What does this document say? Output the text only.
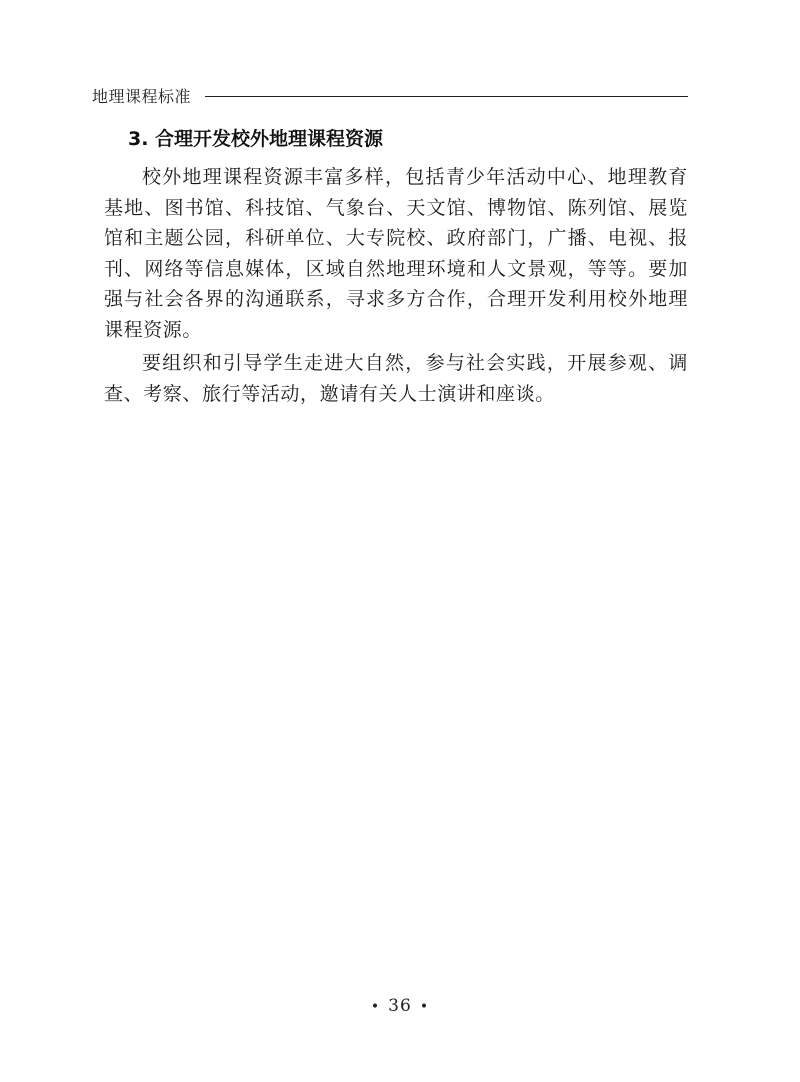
地理课程标准
3. 合理开发校外地理课程资源

校外地理课程资源丰富多样，包括青少年活动中心、地理教育基地、图书馆、科技馆、气象台、天文馆、博物馆、陈列馆、展览馆和主题公园，科研单位、大专院校、政府部门，广播、电视、报刊、网络等信息媒体，区域自然地理环境和人文景观，等等。要加强与社会各界的沟通联系，寻求多方合作，合理开发利用校外地理课程资源。

要组织和引导学生走进大自然，参与社会实践，开展参观、调查、考察、旅行等活动，邀请有关人士演讲和座谈。

• 36 •
